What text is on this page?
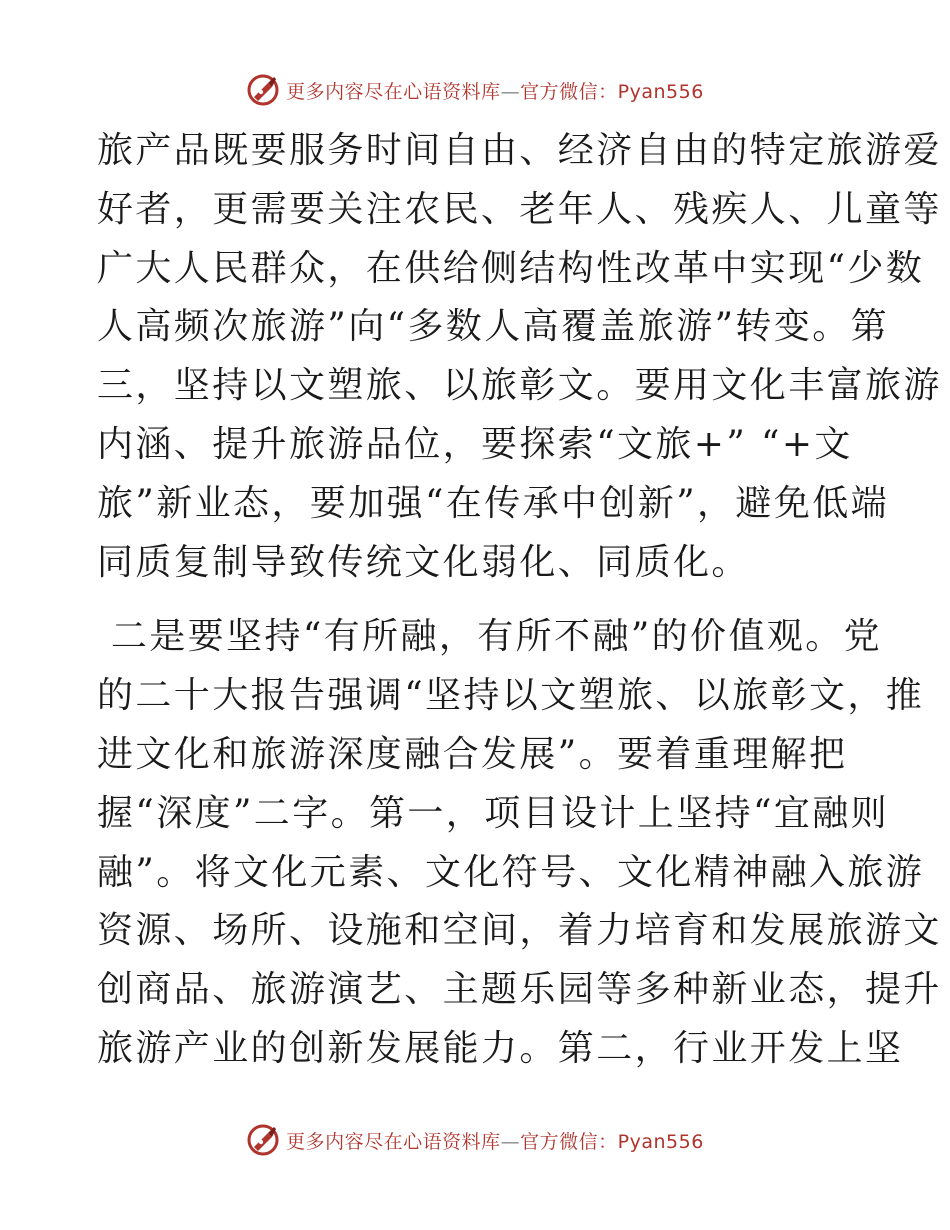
更多内容尽在心语资料库—官方微信：Pyan556
旅产品既要服务时间自由、经济自由的特定旅游爱
好者，更需要关注农民、老年人、残疾人、儿童等
广大人民群众，在供给侧结构性改革中实现“少数
人高频次旅游”向“多数人高覆盖旅游”转变。第
三，坚持以文塑旅、以旅彰文。要用文化丰富旅游
内涵、提升旅游品位，要探索“文旅+” “+文
旅”新业态，要加强“在传承中创新”，避免低端
同质复制导致传统文化弱化、同质化。
二是要坚持“有所融，有所不融”的价值观。党
的二十大报告强调“坚持以文塑旅、以旅彰文，推
进文化和旅游深度融合发展”。要着重理解把
握“深度”二字。第一，项目设计上坚持“宜融则
融”。将文化元素、文化符号、文化精神融入旅游
资源、场所、设施和空间，着力培育和发展旅游文
创商品、旅游演艺、主题乐园等多种新业态，提升
旅游产业的创新发展能力。第二，行业开发上坚
更多内容尽在心语资料库—官方微信：Pyan556
